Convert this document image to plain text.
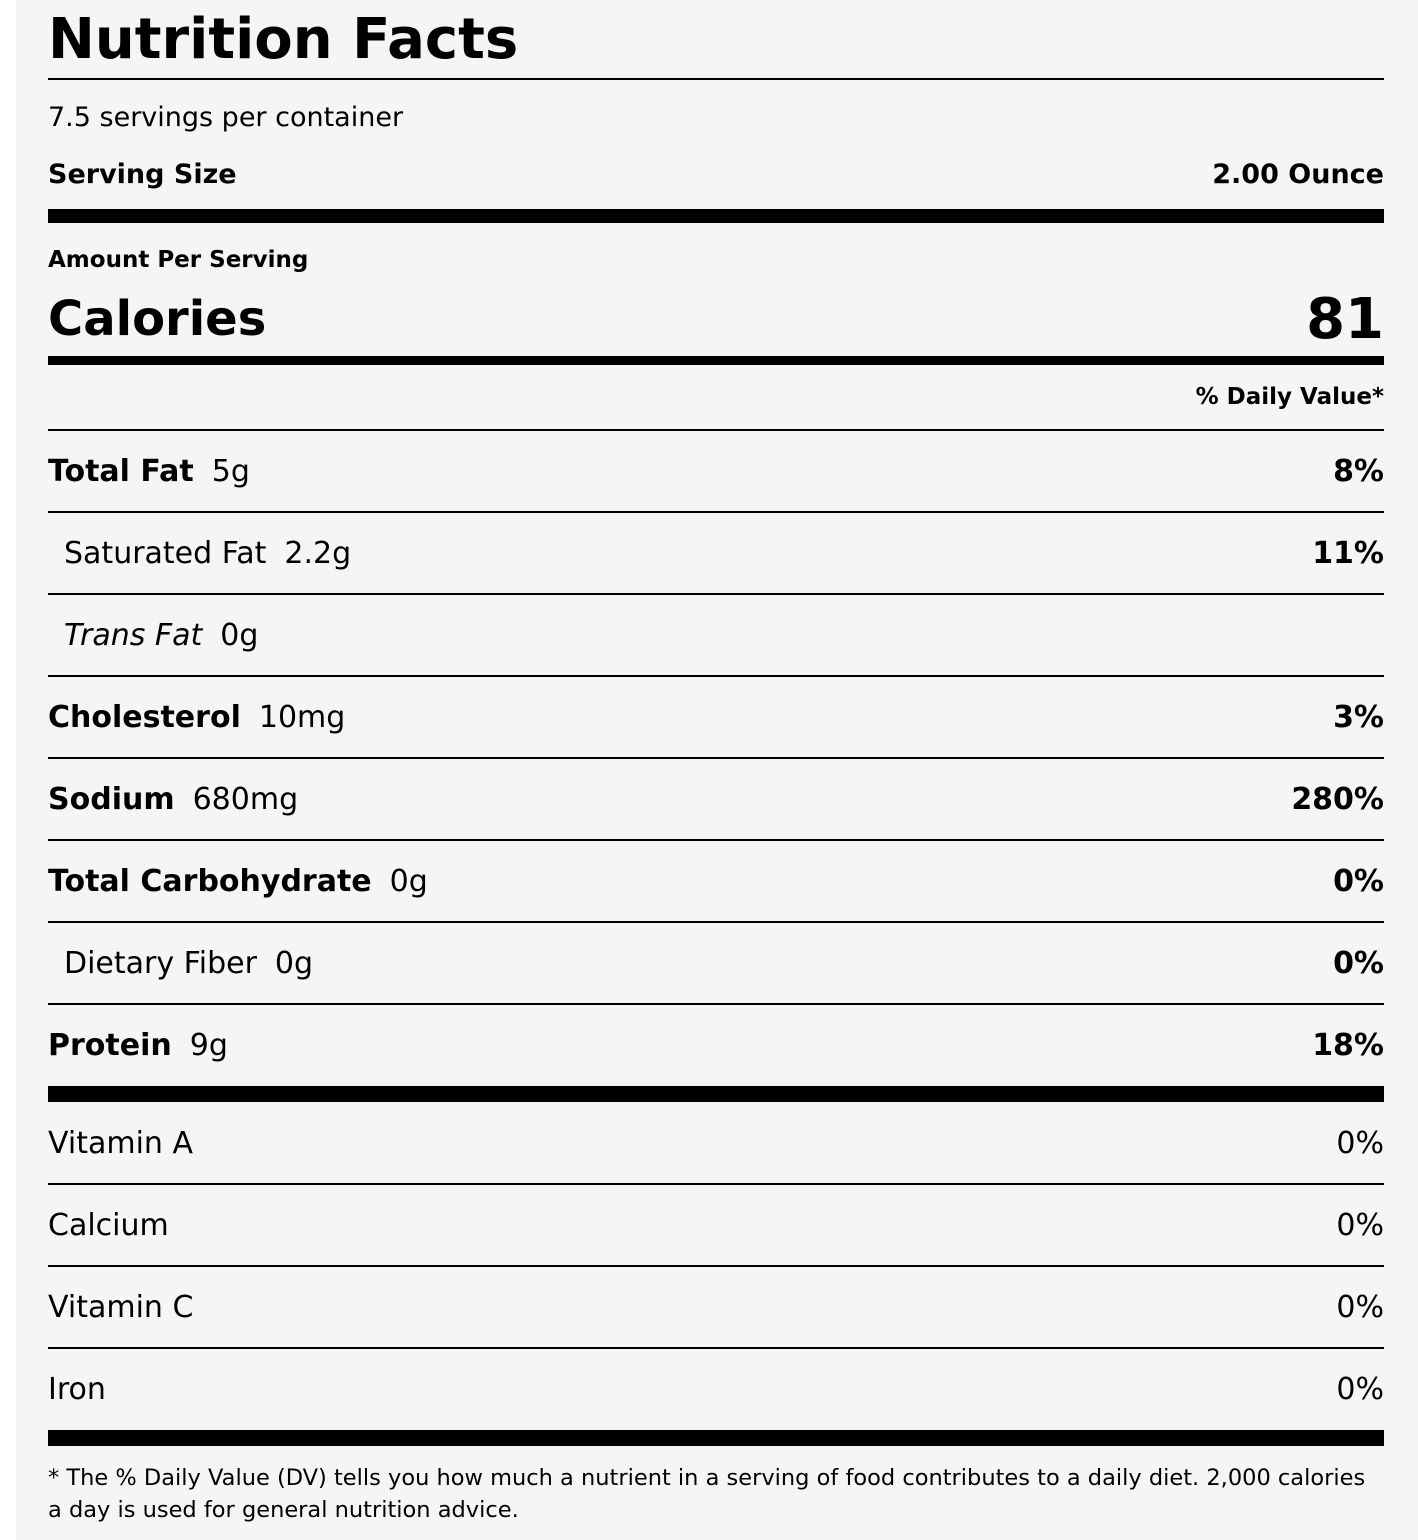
Nutrition Facts
7.5 servings per container
Serving Size	2.00 Ounce
Amount Per Serving
Calories	81
% Daily Value*
Total Fat 5g	8%
Saturated Fat 2.2g	11%
Trans Fat 0g
Cholesterol 10mg	3%
Sodium 680mg	280%
Total Carbohydrate 0g	0%
Dietary Fiber 0g	0%
Protein 9g	18%
Vitamin A	0%
Calcium	0%
Vitamin C	0%
Iron	0%
* The % Daily Value (DV) tells you how much a nutrient in a serving of food contributes to a daily diet. 2,000 calories a day is used for general nutrition advice.
